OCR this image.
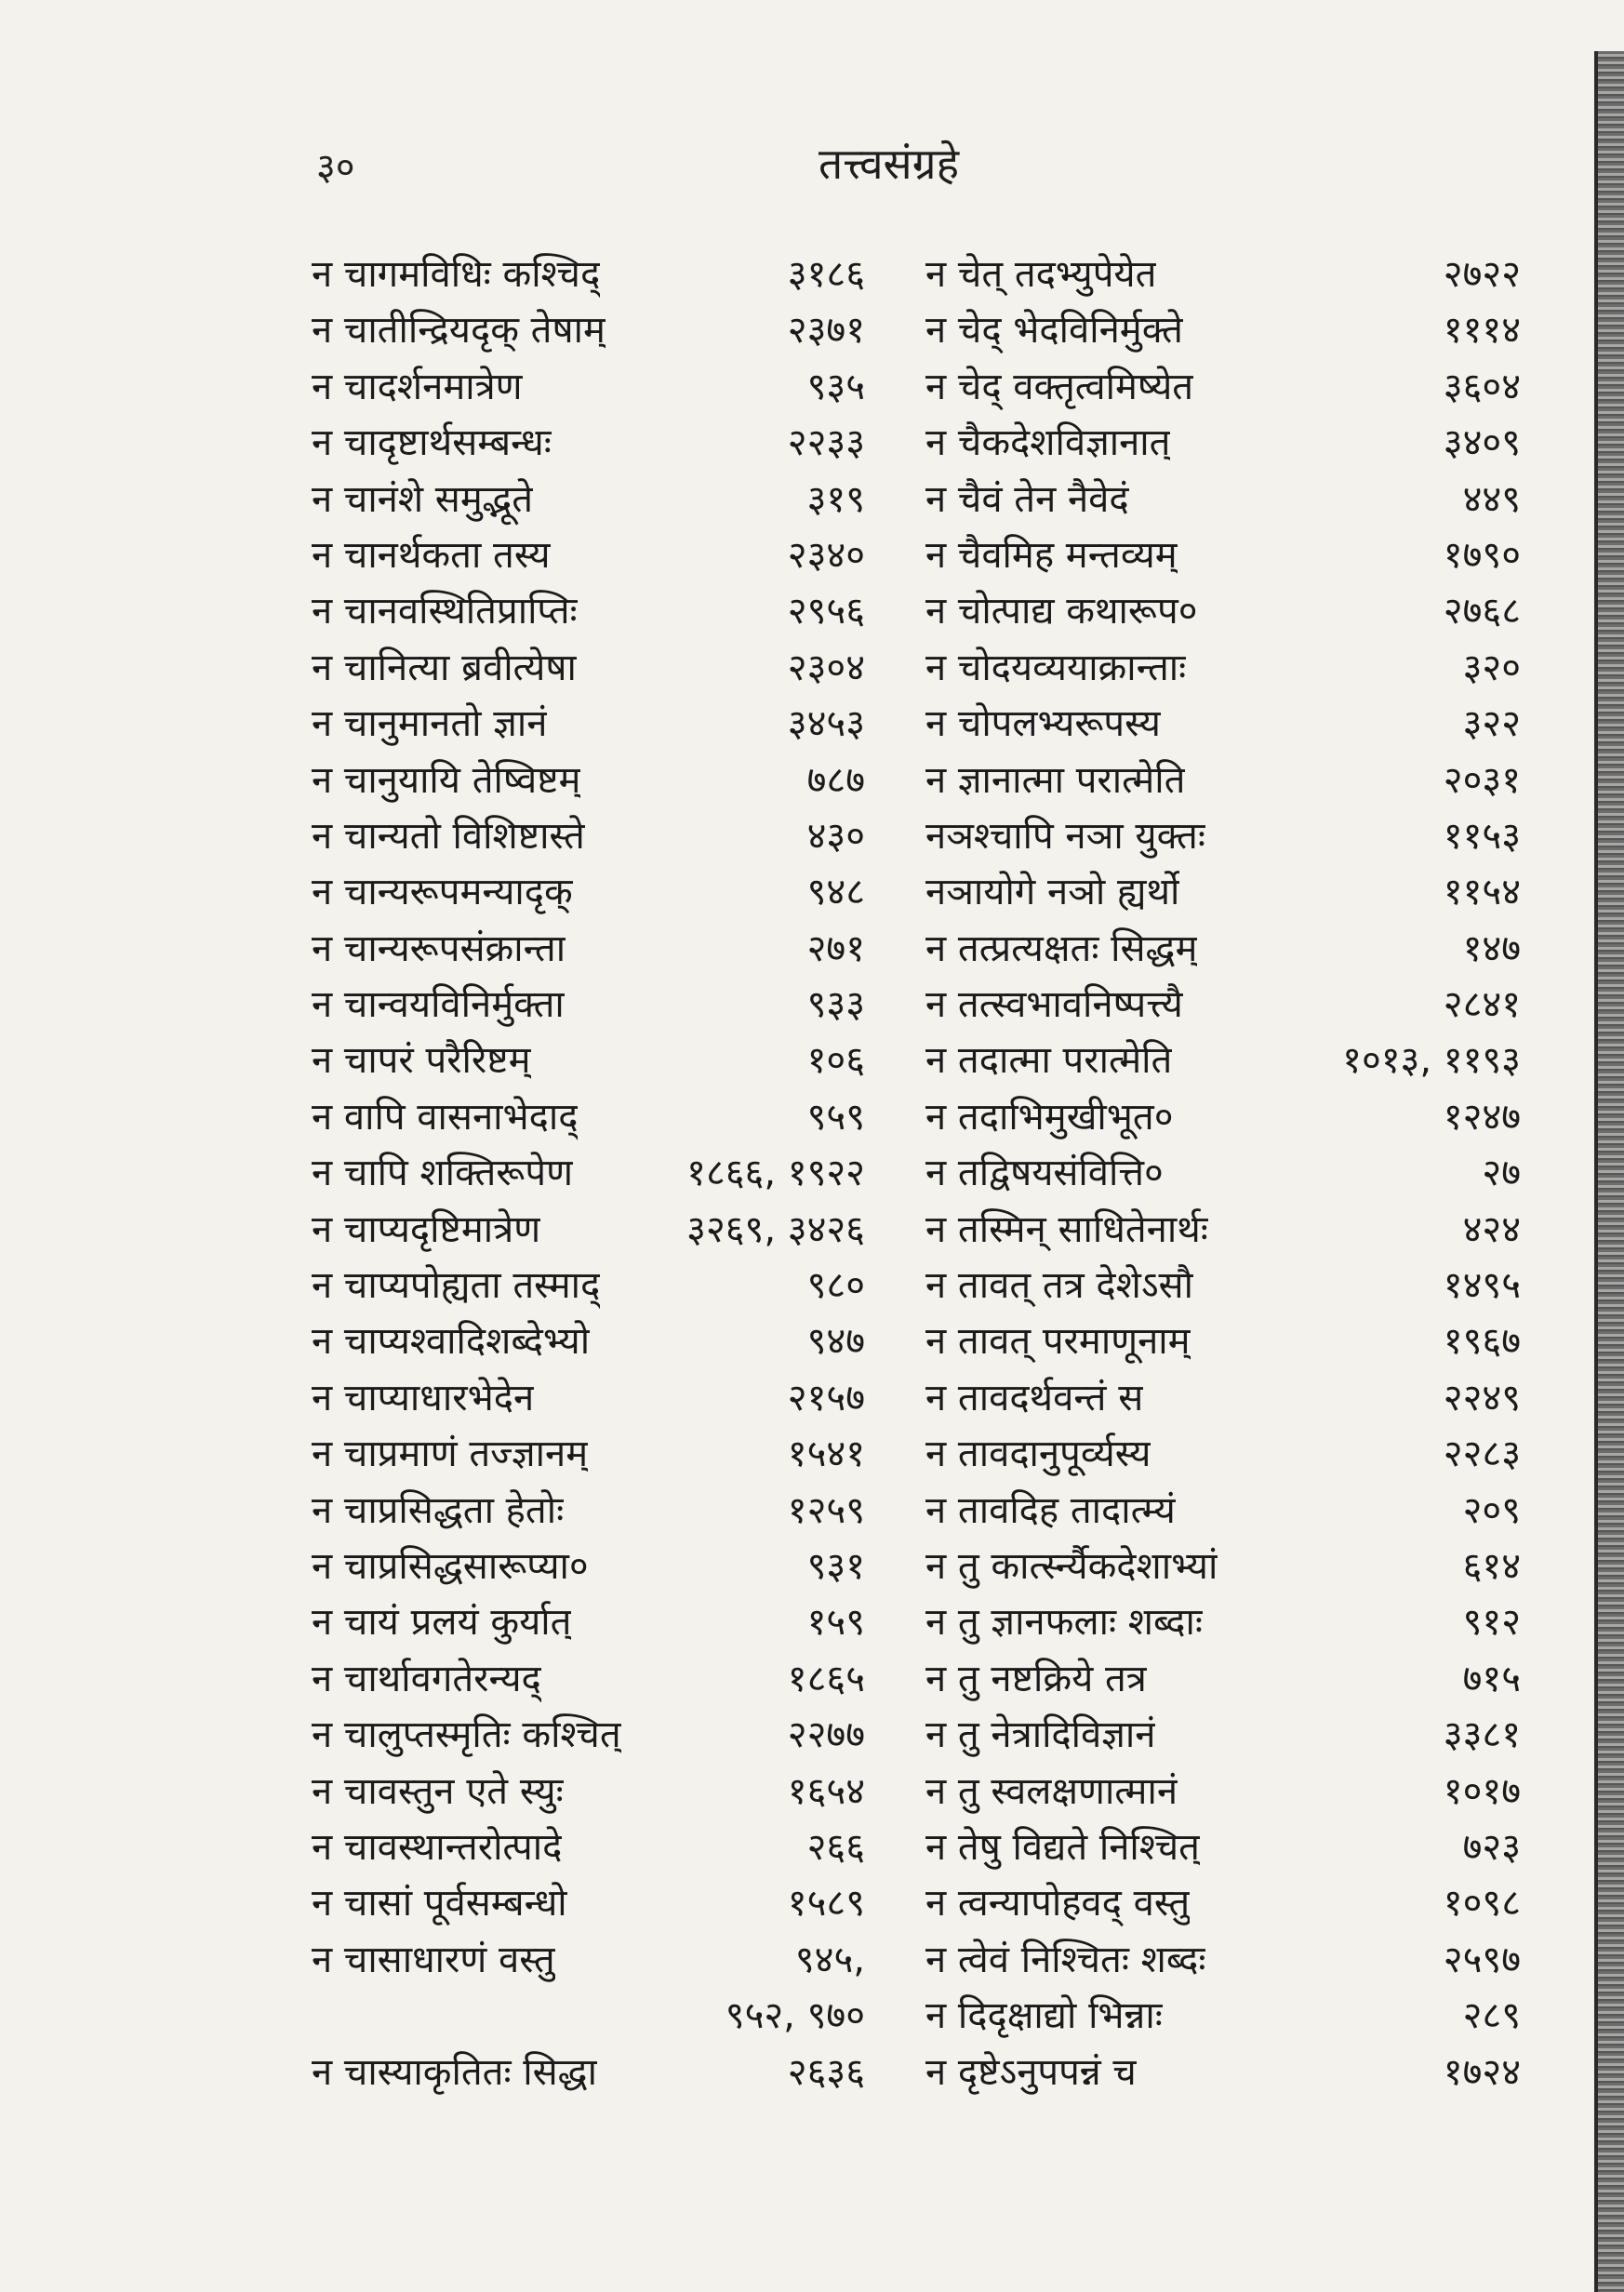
३०	तत्त्वसंग्रहे
न चागमविधिः कश्चिद्	३१८६
न चातीन्द्रियदृक् तेषाम्	२३७१
न चादर्शनमात्रेण	९३५
न चादृष्टार्थसम्बन्धः	२२३३
न चानंशे समुद्भूते	३१९
न चानर्थकता तस्य	२३४०
न चानवस्थितिप्राप्तिः	२९५६
न चानित्या ब्रवीत्येषा	२३०४
न चानुमानतो ज्ञानं	३४५३
न चानुयायि तेष्विष्टम्	७८७
न चान्यतो विशिष्टास्ते	४३०
न चान्यरूपमन्यादृक्	९४८
न चान्यरूपसंक्रान्ता	२७१
न चान्वयविनिर्मुक्ता	९३३
न चापरं परैरिष्टम्	१०६
न वापि वासनाभेदाद्	९५९
न चापि शक्तिरूपेण	१८६६, १९२२
न चाप्यदृष्टिमात्रेण	३२६९, ३४२६
न चाप्यपोह्यता तस्माद्	९८०
न चाप्यश्वादिशब्देभ्यो	९४७
न चाप्याधारभेदेन	२१५७
न चाप्रमाणं तज्ज्ञानम्	१५४१
न चाप्रसिद्धता हेतोः	१२५९
न चाप्रसिद्धसारूप्या०	९३१
न चायं प्रलयं कुर्यात्	१५९
न चार्थावगतेरन्यद्	१८६५
न चालुप्तस्मृतिः कश्चित्	२२७७
न चावस्तुन एते स्युः	१६५४
न चावस्थान्तरोत्पादे	२६६
न चासां पूर्वसम्बन्धो	१५८९
न चासाधारणं वस्तु	९४५,
९५२, ९७०
न चास्याकृतितः सिद्धा	२६३६
न चेत् तदभ्युपेयेत	२७२२
न चेद् भेदविनिर्मुक्ते	१११४
न चेद् वक्तृत्वमिष्येत	३६०४
न चैकदेशविज्ञानात्	३४०९
न चैवं तेन नैवेदं	४४९
न चैवमिह मन्तव्यम्	१७९०
न चोत्पाद्य कथारूप०	२७६८
न चोदयव्ययाक्रान्ताः	३२०
न चोपलभ्यरूपस्य	३२२
न ज्ञानात्मा परात्मेति	२०३१
नञश्चापि नञा युक्तः	११५३
नञायोगे नञो ह्यर्थो	११५४
न तत्प्रत्यक्षतः सिद्धम्	१४७
न तत्स्वभावनिष्पत्त्यै	२८४१
न तदात्मा परात्मेति	१०१३, ११९३
न तदाभिमुखीभूत०	१२४७
न तद्विषयसंवित्ति०	२७
न तस्मिन् साधितेनार्थः	४२४
न तावत् तत्र देशेऽसौ	१४९५
न तावत् परमाणूनाम्	१९६७
न तावदर्थवन्तं स	२२४९
न तावदानुपूर्व्यस्य	२२८३
न तावदिह तादात्म्यं	२०९
न तु कार्त्स्न्यैकदेशाभ्यां	६१४
न तु ज्ञानफलाः शब्दाः	९१२
न तु नष्टक्रिये तत्र	७१५
न तु नेत्रादिविज्ञानं	३३८१
न तु स्वलक्षणात्मानं	१०१७
न तेषु विद्यते निश्चित्	७२३
न त्वन्यापोहवद् वस्तु	१०९८
न त्वेवं निश्चितः शब्दः	२५९७
न दिदृक्षाद्यो भिन्नाः	२८९
न दृष्टेऽनुपपन्नं च	१७२४
